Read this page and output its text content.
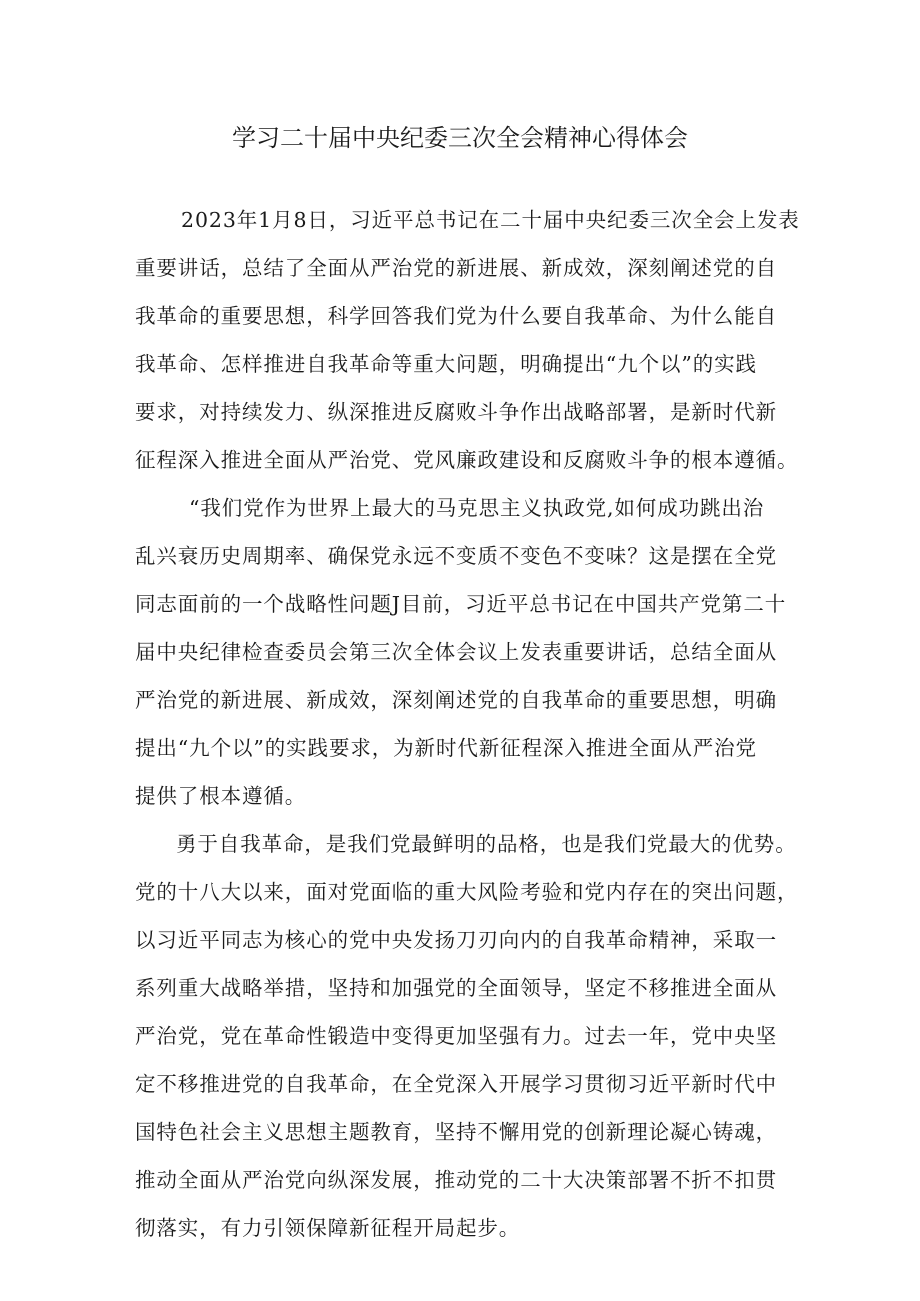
学习二十届中央纪委三次全会精神心得体会
2023年1月8日，习近平总书记在二十届中央纪委三次全会上发表
重要讲话，总结了全面从严治党的新进展、新成效，深刻阐述党的自
我革命的重要思想，科学回答我们党为什么要自我革命、为什么能自
我革命、怎样推进自我革命等重大问题，明确提出“九个以”的实践
要求，对持续发力、纵深推进反腐败斗争作出战略部署，是新时代新
征程深入推进全面从严治党、党风廉政建设和反腐败斗争的根本遵循。
“我们党作为世界上最大的马克思主义执政党,如何成功跳出治
乱兴衰历史周期率、确保党永远不变质不变色不变味？这是摆在全党
同志面前的一个战略性问题J目前，习近平总书记在中国共产党第二十
届中央纪律检查委员会第三次全体会议上发表重要讲话，总结全面从
严治党的新进展、新成效，深刻阐述党的自我革命的重要思想，明确
提出“九个以”的实践要求，为新时代新征程深入推进全面从严治党
提供了根本遵循。
勇于自我革命，是我们党最鲜明的品格，也是我们党最大的优势。
党的十八大以来，面对党面临的重大风险考验和党内存在的突出问题，
以习近平同志为核心的党中央发扬刀刃向内的自我革命精神，采取一
系列重大战略举措，坚持和加强党的全面领导，坚定不移推进全面从
严治党，党在革命性锻造中变得更加坚强有力。过去一年，党中央坚
定不移推进党的自我革命，在全党深入开展学习贯彻习近平新时代中
国特色社会主义思想主题教育，坚持不懈用党的创新理论凝心铸魂，
推动全面从严治党向纵深发展，推动党的二十大决策部署不折不扣贯
彻落实，有力引领保障新征程开局起步。
